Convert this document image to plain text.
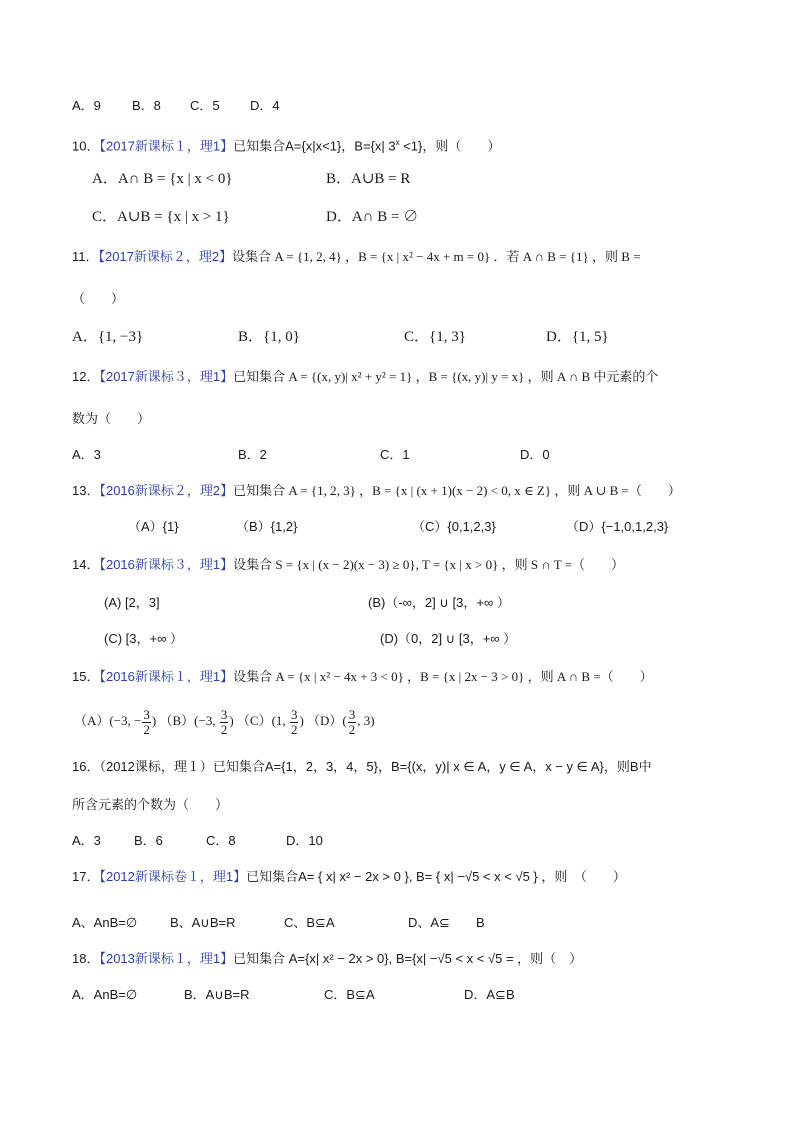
A．9 B．8 C．5 D．4
10．【2017新课标１，理1】已知集合A={x|x<1}，B={x| $3^x <1$}，则（　　）
A．A∩ B = {x | x < 0}	B．A∪B = R
C．A∪B = {x | x > 1}	D．A∩ B = ∅
11．【2017新课标２，理2】设集合 A = {1, 2, 4} ，B = {x | x² − 4x + m = 0} ．若 A ∩ B = {1} ，则 B =
（　　）
A．{1, −3}	B．{1, 0}	C．{1, 3}	D．{1, 5}
12．【2017新课标３，理1】已知集合 A = {(x, y)| x² + y² = 1} ，B = {(x, y)| y = x} ，则 A ∩ B 中元素的个
数为（　　）
A．3	B．2	C．1	D．0
13．【2016新课标２，理2】已知集合 A = {1, 2, 3} ，B = {x | (x + 1)(x − 2) < 0, x ∈ Z} ，则 A ∪ B =（　　）
（A）{1}	（B）{1,2}	（C）{0,1,2,3}	（D）{−1,0,1,2,3}
14．【2016新课标３，理1】设集合 S = {x | (x − 2)(x − 3) ≥ 0}, T = {x | x > 0} ，则 S ∩ T =（　　）
(A) [2，3]	(B)（-∞，2] ∪ [3，+∞ ）
(C) [3，+∞ ）	(D)（0，2] ∪ [3，+∞ ）
15．【2016新课标１，理1】设集合 A = {x | x² − 4x + 3 < 0} ，B = {x | 2x − 3 > 0} ，则 A ∩ B =（　　）
（A）(−3, − $\frac{3}{2}$ ) （B）(−3, $\frac{3}{2}$ ) （C）(1, $\frac{3}{2}$ ) $(D)( \frac{3}{2}$ , 3)
16．（2012课标，理１）已知集合A={1，2，3，4，5}，B={(x，y)| x ∈ A，y ∈ A，x − y ∈ A}，则B中
所含元素的个数为（　　）
A．3	B．6	C．8	D．10
17．【2012新课标卷１，理1】已知集合A= { x| x² − 2x > 0 }, B= { x| −√5 < x < √5 } ，则　（　　）
A、AnB=∅	B、A∪B=R	C、B⊆A	D、A⊆　　B
18．【2013新课标１，理1】已知集合 A={x| x² − 2x > 0}, B={x| −√5 < x < √5 = ，则（　）
A．AnB=∅	B．A∪B=R	C．B⊆A	D．A⊆B
